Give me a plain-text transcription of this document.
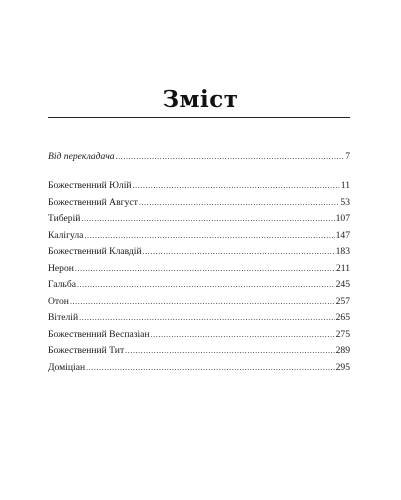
Зміст
Від перекладача .....	7
Божественний Юлій .....	11
Божественний Август .....	53
Тиберій .....	107
Калігула .....	147
Божественний Клавдій .....	183
Нерон .....	211
Гальба .....	245
Отон .....	257
Вітелій .....	265
Божественний Веспазіан .....	275
Божественний Тит .....	289
Доміціан .....	295
